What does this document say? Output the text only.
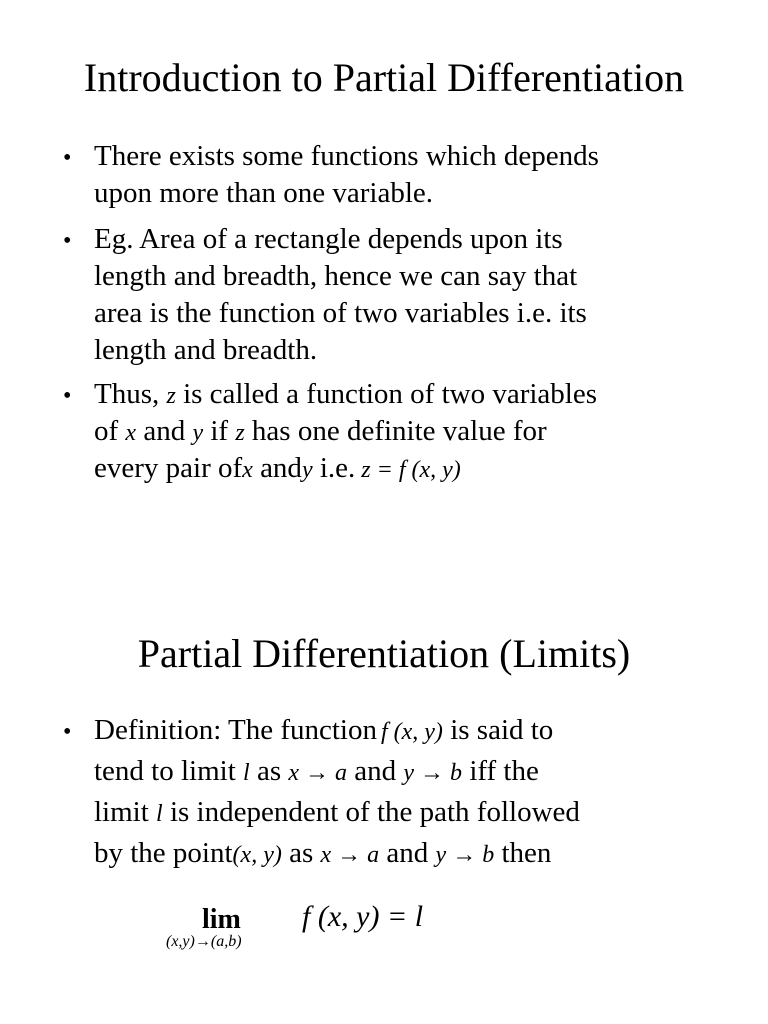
Introduction to Partial Differentiation
• There exists some functions which depends
upon more than one variable.
• Eg. Area of a rectangle depends upon its
length and breadth, hence we can say that
area is the function of two variables i.e. its
length and breadth.
• Thus, z is called a function of two variables
of x and y if z has one definite value for
every pair ofx andy i.e. z = f (x, y)
Partial Differentiation (Limits)
• Definition: The function f (x, y) is said to
tend to limit l as x → a and y → b iff the
limit l is independent of the path followed
by the point(x, y) as x → a and y → b then
lim
(x,y)→(a,b)
f (x, y) = l
